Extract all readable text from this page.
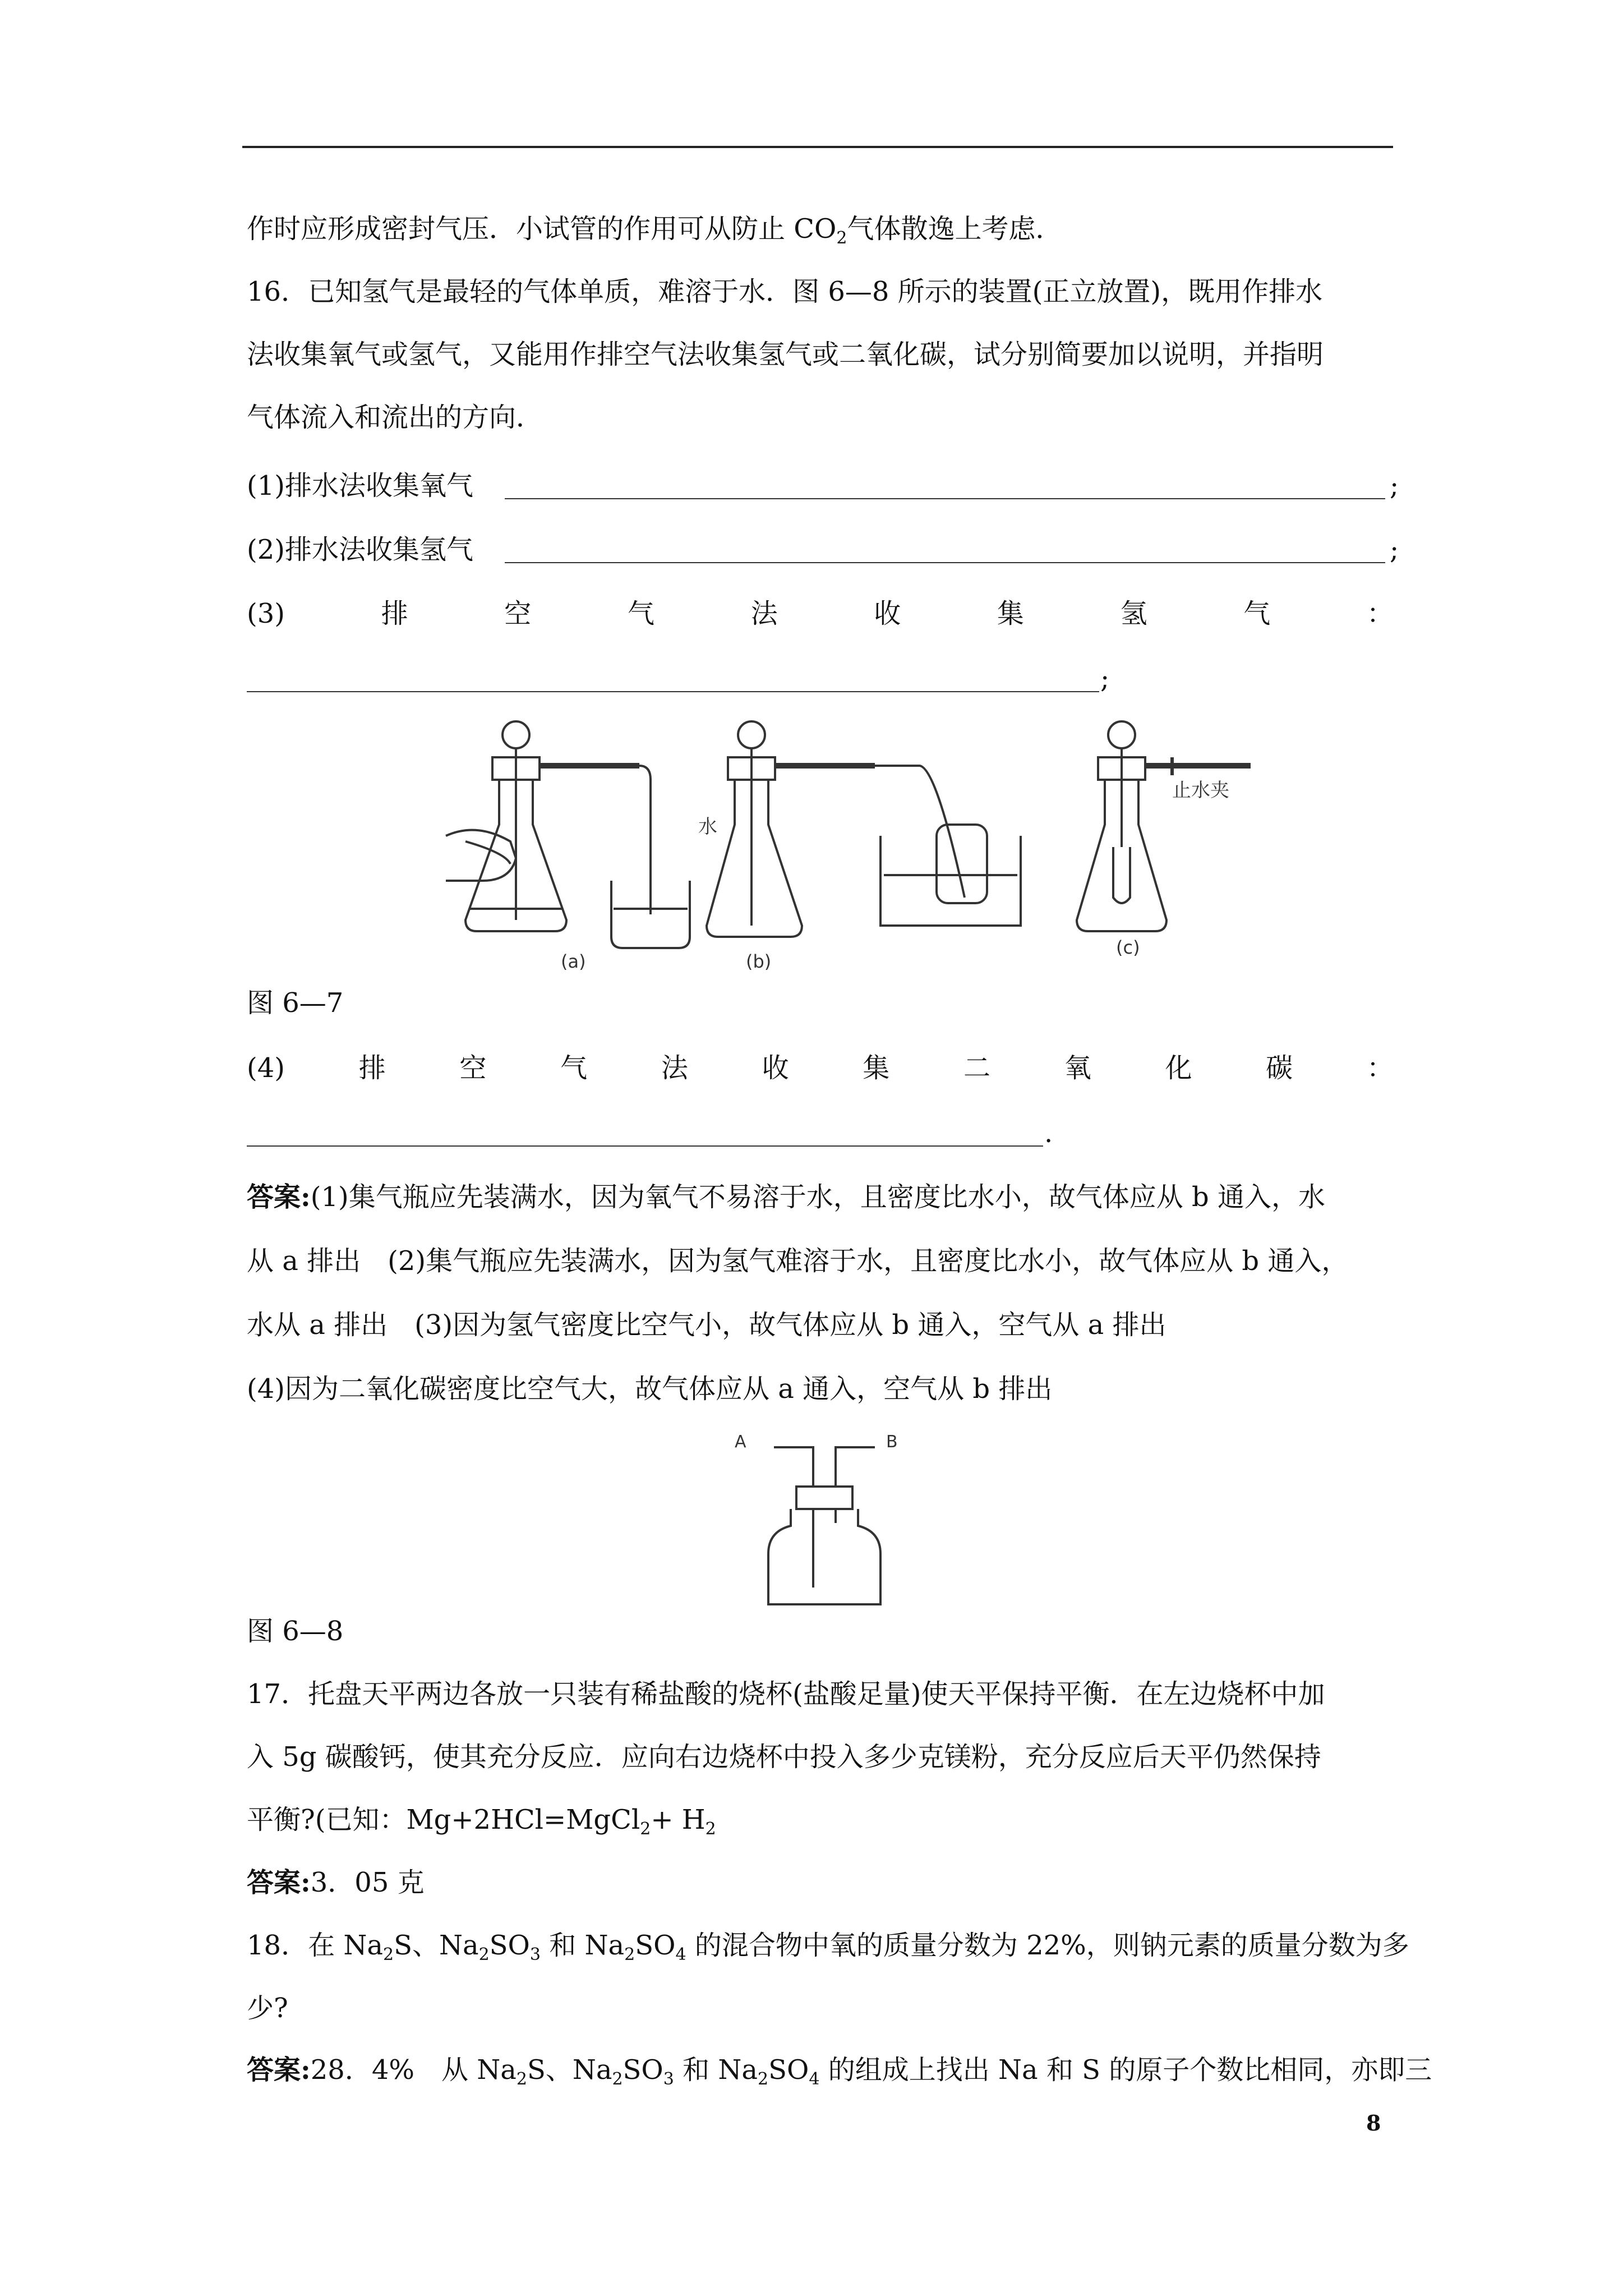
作时应形成密封气压．小试管的作用可从防止 $CO_2$气体散逸上考虑．
16．已知氢气是最轻的气体单质，难溶于水．图 6—8 所示的装置(正立放置)，既用作排水
法收集氧气或氢气，又能用作排空气法收集氢气或二氧化碳，试分别简要加以说明，并指明
气体流入和流出的方向．
(1)排水法收集氧气	;
(2)排水法收集氢气	;
(3)	排	空	气	法	收	集	氢	气	：
;
(a)	(b)
(c)
水
止水夹
图 6—7
(4)	排	空	气	法	收	集	二	氧	化	碳	：
.
答案:(1)集气瓶应先装满水，因为氧气不易溶于水，且密度比水小，故气体应从 b 通入，水
从 a 排出　(2)集气瓶应先装满水，因为氢气难溶于水，且密度比水小，故气体应从 b 通入，
水从 a 排出　(3)因为氢气密度比空气小，故气体应从 b 通入，空气从 a 排出
(4)因为二氧化碳密度比空气大，故气体应从 a 通入，空气从 b 排出
A	B
图 6—8
17．托盘天平两边各放一只装有稀盐酸的烧杯(盐酸足量)使天平保持平衡．在左边烧杯中加
入 5g 碳酸钙，使其充分反应．应向右边烧杯中投入多少克镁粉，充分反应后天平仍然保持
平衡?(已知：Mg+2HCl=MgCl$_2$+ $H_2$
答案:3．05 克
18．在 $Na_2S$、$Na_2SO_3$ 和 $Na_2SO_4$ 的混合物中氧的质量分数为 22%，则钠元素的质量分数为多
少?
答案:28．4%　从 $Na_2S$、$Na_2SO_3$ 和 $Na_2SO_4$ 的组成上找出 Na 和 S 的原子个数比相同，亦即三
8
